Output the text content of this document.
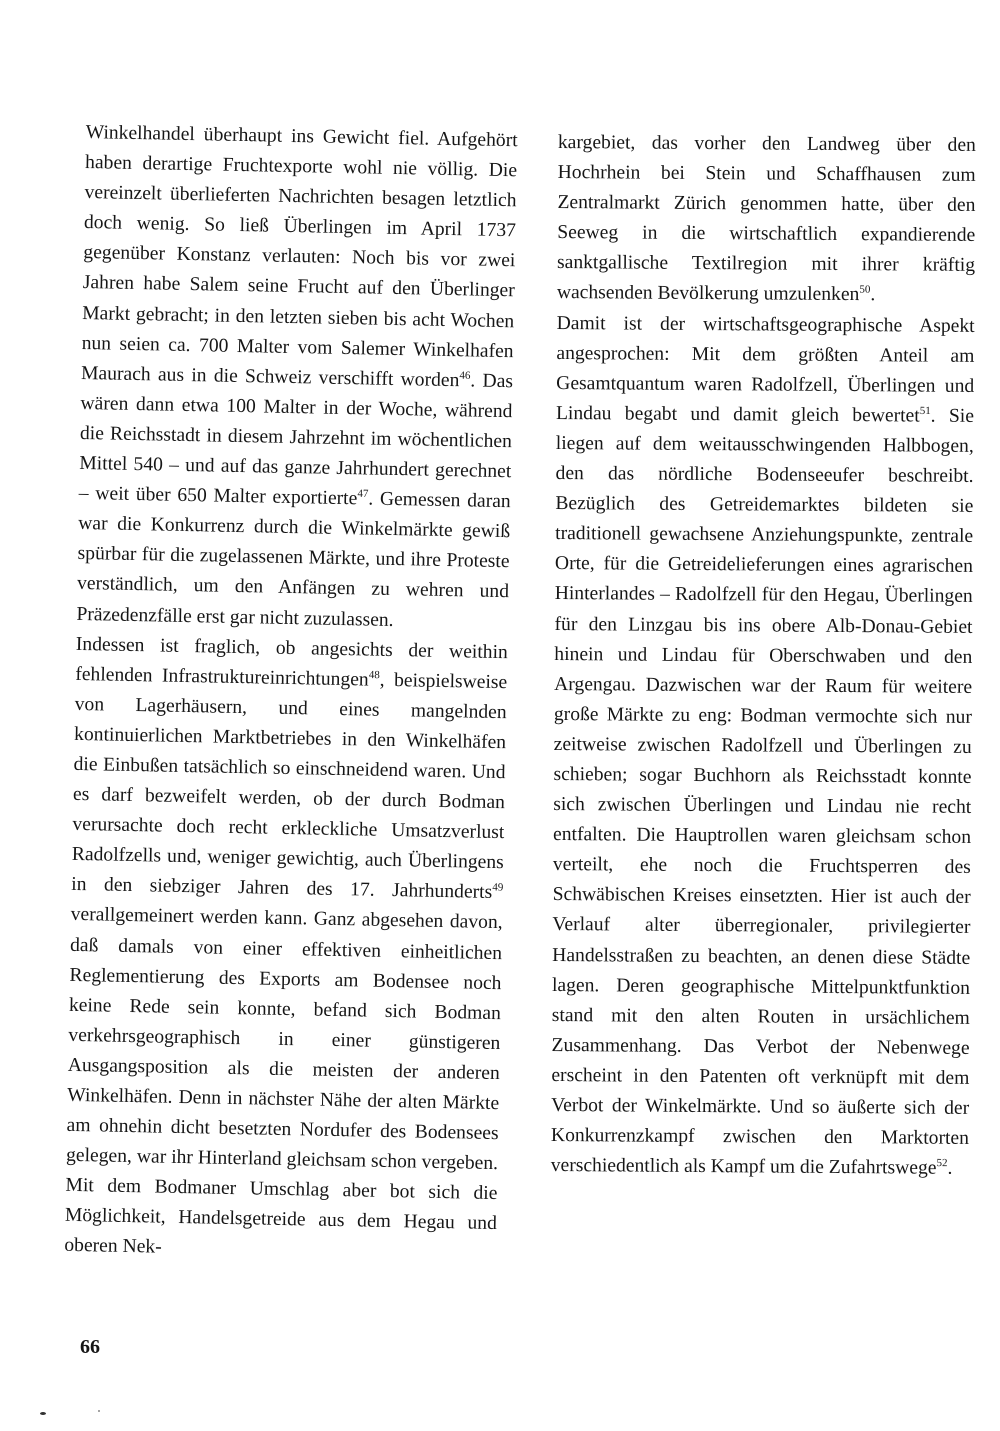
Winkelhandel überhaupt ins Gewicht fiel. Aufgehört haben derartige Fruchtexporte wohl nie völlig. Die vereinzelt überlieferten Nachrichten besagen letztlich doch wenig. So ließ Überlingen im April 1737 gegenüber Konstanz verlauten: Noch bis vor zwei Jahren habe Salem seine Frucht auf den Überlinger Markt gebracht; in den letzten sieben bis acht Wochen nun seien ca. 700 Malter vom Salemer Winkelhafen Maurach aus in die Schweiz verschifft worden$^{46}$. Das wären dann etwa 100 Malter in der Woche, während die Reichsstadt in diesem Jahrzehnt im wöchentlichen Mittel 540 – und auf das ganze Jahrhundert gerechnet – weit über 650 Malter exportierte$^{47}$. Gemessen daran war die Konkurrenz durch die Winkelmärkte gewiß spürbar für die zugelassenen Märkte, und ihre Proteste verständlich, um den Anfängen zu wehren und Präzedenzfälle erst gar nicht zuzulassen.

Indessen ist fraglich, ob angesichts der weithin fehlenden Infrastruktureinrichtungen$^{48}$, beispielsweise von Lagerhäusern, und eines mangelnden kontinuierlichen Marktbetriebes in den Winkelhäfen die Einbußen tatsächlich so einschneidend waren. Und es darf bezweifelt werden, ob der durch Bodman verursachte doch recht erkleckliche Umsatzverlust Radolfzells und, weniger gewichtig, auch Überlingens in den siebziger Jahren des 17. Jahrhunderts$^{49}$ verallgemeinert werden kann. Ganz abgesehen davon, daß damals von einer effektiven einheitlichen Reglementierung des Exports am Bodensee noch keine Rede sein konnte, befand sich Bodman verkehrsgeographisch in einer günstigeren Ausgangsposition als die meisten der anderen Winkelhäfen. Denn in nächster Nähe der alten Märkte am ohnehin dicht besetzten Nordufer des Bodensees gelegen, war ihr Hinterland gleichsam schon vergeben. Mit dem Bodmaner Umschlag aber bot sich die Möglichkeit, Handelsgetreide aus dem Hegau und oberen Nek-

kargebiet, das vorher den Landweg über den Hochrhein bei Stein und Schaffhausen zum Zentralmarkt Zürich genommen hatte, über den Seeweg in die wirtschaftlich expandierende sanktgallische Textilregion mit ihrer kräftig wachsenden Bevölkerung umzulenken$^{50}$.

Damit ist der wirtschaftsgeographische Aspekt angesprochen: Mit dem größten Anteil am Gesamtquantum waren Radolfzell, Überlingen und Lindau begabt und damit gleich bewertet$^{51}$. Sie liegen auf dem weitausschwingenden Halbbogen, den das nördliche Bodenseeufer beschreibt. Bezüglich des Getreidemarktes bildeten sie traditionell gewachsene Anziehungspunkte, zentrale Orte, für die Getreidelieferungen eines agrarischen Hinterlandes – Radolfzell für den Hegau, Überlingen für den Linzgau bis ins obere Alb-Donau-Gebiet hinein und Lindau für Oberschwaben und den Argengau. Dazwischen war der Raum für weitere große Märkte zu eng: Bodman vermochte sich nur zeitweise zwischen Radolfzell und Überlingen zu schieben; sogar Buchhorn als Reichsstadt konnte sich zwischen Überlingen und Lindau nie recht entfalten. Die Hauptrollen waren gleichsam schon verteilt, ehe noch die Fruchtsperren des Schwäbischen Kreises einsetzten. Hier ist auch der Verlauf alter überregionaler, privilegierter Handelsstraßen zu beachten, an denen diese Städte lagen. Deren geographische Mittelpunktfunktion stand mit den alten Routen in ursächlichem Zusammenhang. Das Verbot der Nebenwege erscheint in den Patenten oft verknüpft mit dem Verbot der Winkelmärkte. Und so äußerte sich der Konkurrenzkampf zwischen den Marktorten verschiedentlich als Kampf um die Zufahrtswege$^{52}$.

66
